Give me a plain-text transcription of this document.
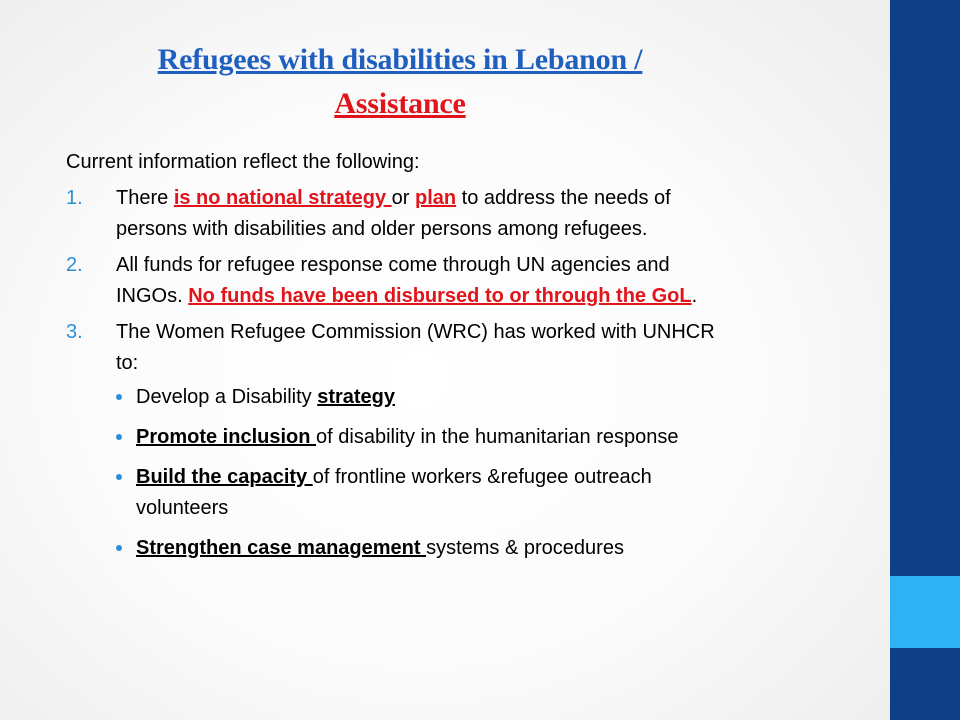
Refugees with disabilities in Lebanon /
Assistance
Current information reflect the following:
1. There is no national strategy or plan to address the needs of persons with disabilities and older persons among refugees.
2. All funds for refugee response come through UN agencies and INGOs. No funds have been disbursed to or through the GoL.
3. The Women Refugee Commission (WRC) has worked with UNHCR to:
Develop a Disability strategy
Promote inclusion of disability in the humanitarian response
Build the capacity of frontline workers &refugee outreach volunteers
Strengthen case management systems & procedures
